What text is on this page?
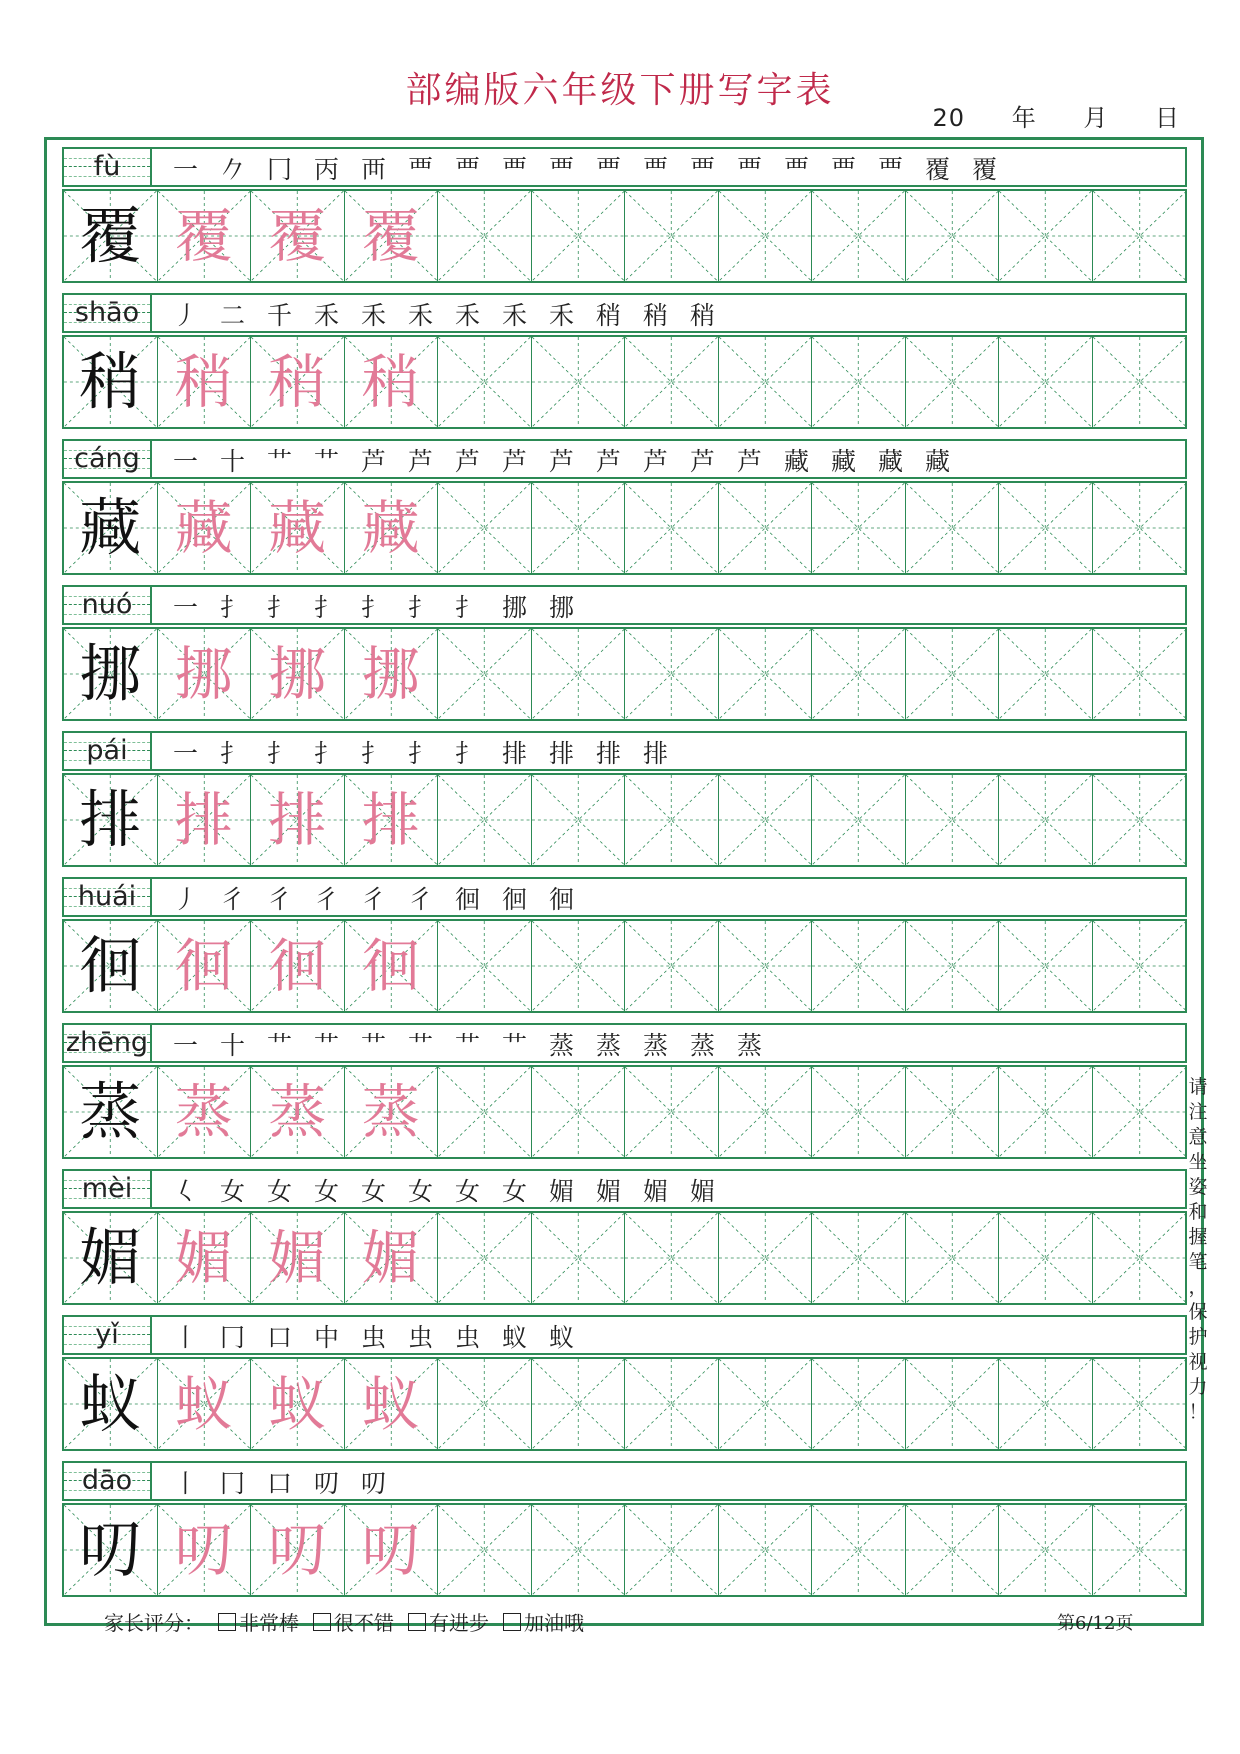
部编版六年级下册写字表
20 年 月 日
fù	一 𠂊 冂 丙 襾 覀 覀 覀 覀 覀 覀 覀 覀 覀 覀 覀 覆 覆
覆 覆 覆 覆
shāo	丿 二 千 禾 禾 禾 禾 禾 禾 稍 稍 稍
稍 稍 稍 稍
cáng	一 十 艹 艹 芦 芦 芦 芦 芦 芦 芦 芦 芦 藏 藏 藏 藏
藏 藏 藏 藏
nuó	一 扌 扌 扌 扌 扌 扌 挪 挪
挪 挪 挪 挪
pái	一 扌 扌 扌 扌 扌 扌 排 排 排 排
排 排 排 排
huái	丿 彳 彳 彳 彳 彳 徊 徊 徊
徊 徊 徊 徊
zhēng 一 十 艹 艹 艹 艹 艹 艹 蒸 蒸 蒸 蒸 蒸
蒸 蒸 蒸 蒸
mèi	𡿨 女 女 女 女 女 女 女 媚 媚 媚 媚
媚 媚 媚 媚
yǐ	丨 冂 口 中 虫 虫 虫 蚁 蚁
蚁 蚁 蚁 蚁
dāo	丨 冂 口 叨 叨
叨 叨 叨 叨
请
注
意
坐
姿
和
握
笔
，
保
护
视
力
！
家长评分： 非常棒 很不错 有进步 加油哦	第6/12页
